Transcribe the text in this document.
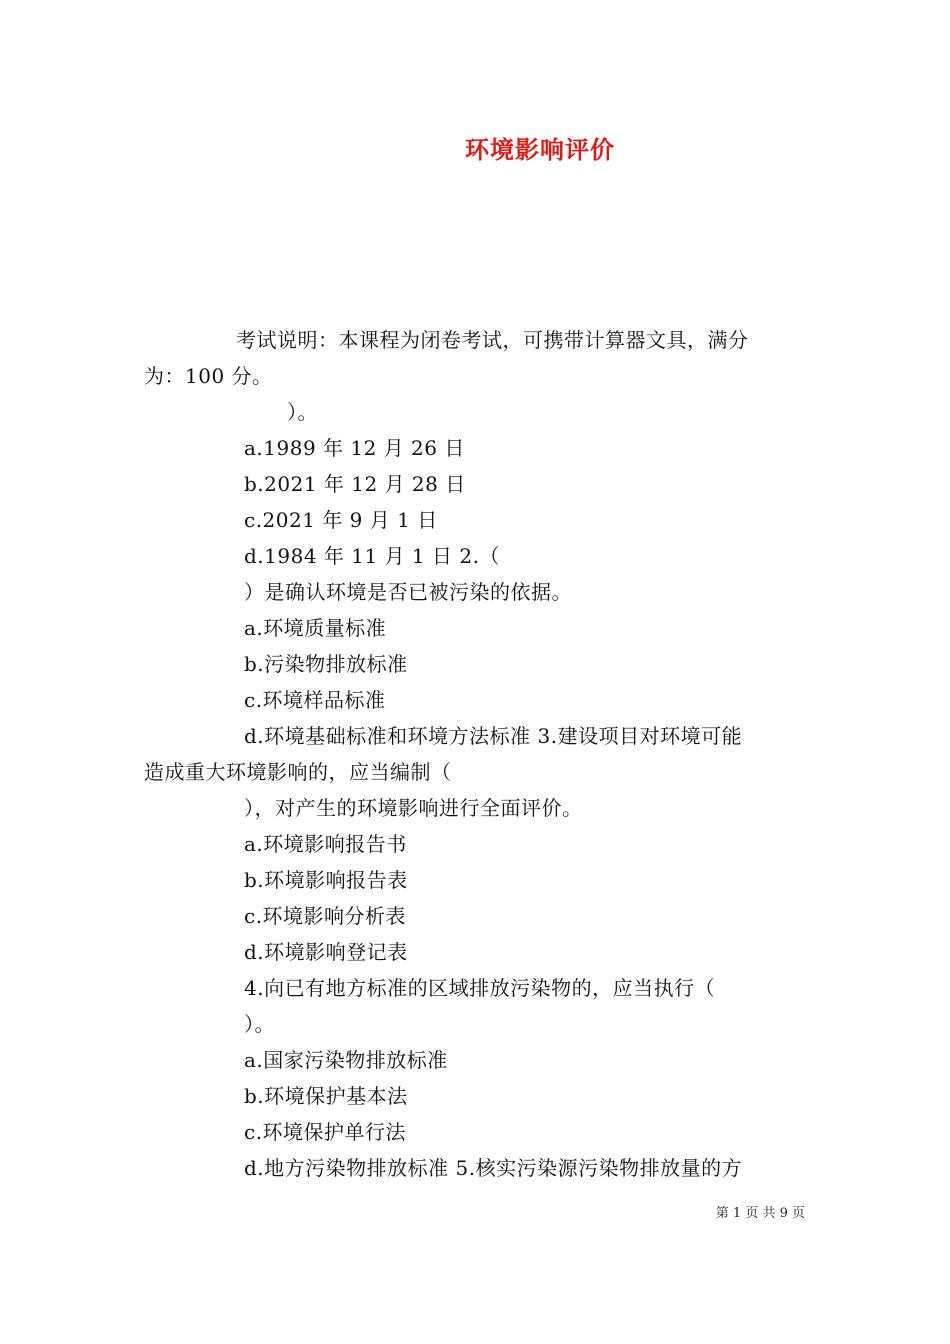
环境影响评价
考试说明：本课程为闭卷考试，可携带计算器文具，满分
为：100 分。
）。
a.1989 年 12 月 26 日
b.2021 年 12 月 28 日
c.2021 年 9 月 1 日
d.1984 年 11 月 1 日 2.（
）是确认环境是否已被污染的依据。
a.环境质量标准
b.污染物排放标准
c.环境样品标准
d.环境基础标准和环境方法标准 3.建设项目对环境可能
造成重大环境影响的，应当编制（
），对产生的环境影响进行全面评价。
a.环境影响报告书
b.环境影响报告表
c.环境影响分析表
d.环境影响登记表
4.向已有地方标准的区域排放污染物的，应当执行（
）。
a.国家污染物排放标准
b.环境保护基本法
c.环境保护单行法
d.地方污染物排放标准 5.核实污染源污染物排放量的方
第 1 页 共 9 页
